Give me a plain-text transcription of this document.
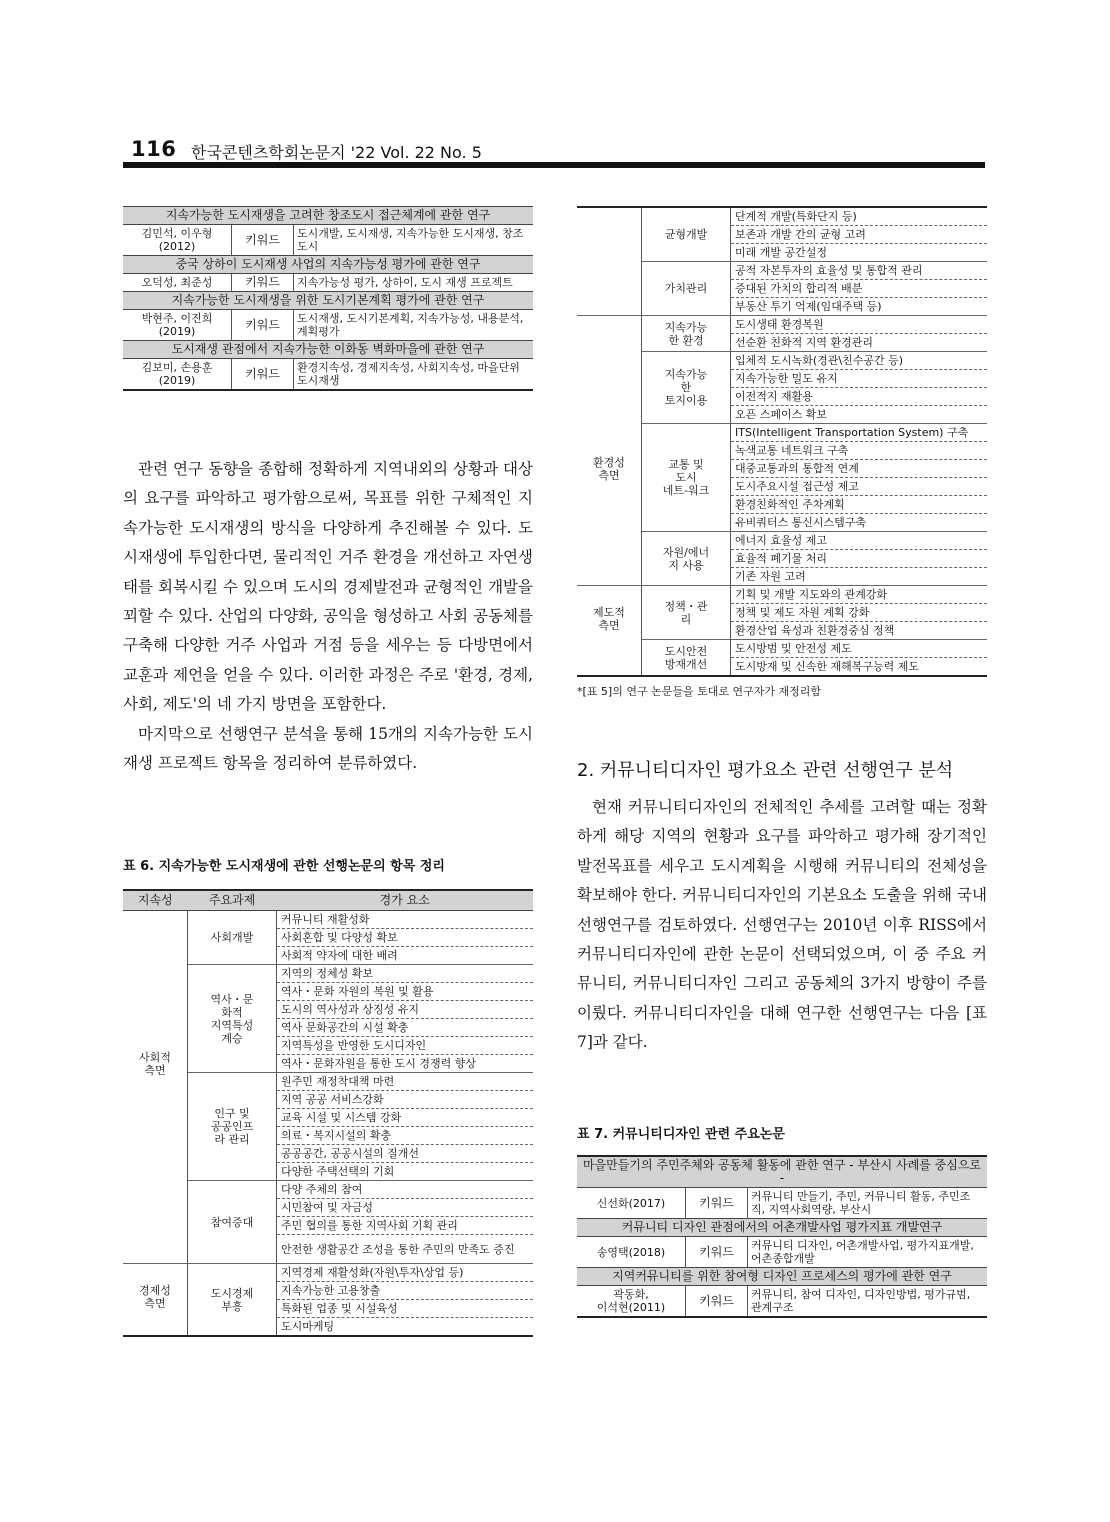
116 한국콘텐츠학회논문지 '22 Vol. 22 No. 5
지속가능한 도시재생을 고려한 창조도시 접근체계에 관한 연구		
김민석, 이우형
(2012)	키워드	도시개발, 도시재생, 지속가능한 도시재생, 창조도시
중국 상하이 도시재생 사업의 지속가능성 평가에 관한 연구		
오덕성, 최준성	키워드	지속가능성 평가, 상하이, 도시 재생 프로젝트
지속가능한 도시재생을 위한 도시기본계획 평가에 관한 연구		
박현주, 이진희
(2019)	키워드	도시재생, 도시기본계획, 지속가능성, 내용분석, 계획평가
도시재생 관점에서 지속가능한 이화동 벽화마을에 관한 연구		
김보미, 손용훈
(2019)	키워드	환경지속성, 경제지속성, 사회지속성, 마을단위 도시재생

관련 연구 동향을 종합해 정확하게 지역내외의 상황과 대상의 요구를 파악하고 평가함으로써, 목표를 위한 구체적인 지속가능한 도시재생의 방식을 다양하게 추진해볼 수 있다. 도시재생에 투입한다면, 물리적인 거주 환경을 개선하고 자연생태를 회복시킬 수 있으며 도시의 경제발전과 균형적인 개발을 꾀할 수 있다. 산업의 다양화, 공익을 형성하고 사회 공동체를 구축해 다양한 거주 사업과 거점 등을 세우는 등 다방면에서 교훈과 제언을 얻을 수 있다. 이러한 과정은 주로 '환경, 경제, 사회, 제도'의 네 가지 방면을 포함한다.

마지막으로 선행연구 분석을 통해 15개의 지속가능한 도시재생 프로젝트 항목을 정리하여 분류하였다.

표 6. 지속가능한 도시재생에 관한 선행논문의 항목 정리
지속성	주요과제	경가 요소
사회적
측면	사회개발	커뮤니티 재활성화
		사회혼합 및 다양성 확보
		사회적 약자에 대한 배려
	역사・문
화적
지역특성
계승	지역의 정체성 확보
		역사・문화 자원의 복원 및 활용
		도시의 역사성과 상징성 유지
		역사 문화공간의 시설 확충
		지역특성을 반영한 도시디자인
		역사・문화자원을 통한 도시 경쟁력 향상
	인구 및
공공인프
라 관리	원주민 재정착대책 마련
		지역 공공 서비스강화
		교육 시설 및 시스템 강화
		의료・복지시설의 확충
		공공공간, 공공시설의 질개선
		다양한 주택선택의 기회
	참여증대	다양 주체의 참여
		시민참여 및 자금성
		주민 협의를 통한 지역사회 기획 관리
		안전한 생활공간 조성을 통한 주민의 만족도 증진
경제성
측면	도시경제
부흥	지역경제 재활성화(자원\투자\상업 등)
		지속가능한 고용창출
		특화된 업종 및 시설육성
		도시마케팅
	균형개발	단계적 개발(특화단지 등)
		보존과 개발 간의 균형 고려
		미래 개발 공간설정
	가치관리	공적 자본투자의 효율성 및 통합적 관리
		증대된 가치의 합리적 배분
		부동산 투기 억제(임대주택 등)
환경성
측면	지속가능
한 환경	도시생태 환경복원
		선순환 친화적 지역 환경관리
	지속가능
한
토지이용	입체적 도시녹화(경관\친수공간 등)
		지속가능한 밀도 유지
		이전적지 재활용
		오픈 스페이스 확보
	교통 및
도시
네트-워크	ITS(Intelligent Transportation System) 구축
		녹색교통 네트워크 구축
		대중교통과의 통합적 연계
		도시주요시설 접근성 제고
		환경친화적인 주차계획
		유비쿼터스 통신시스템구축
	자원/에너
지 사용	에너지 효율성 제고
		효율적 폐기물 처리
		기존 자원 고려
제도적
측면	정책・관
리	기획 및 개발 지도와의 관계강화
		정책 및 제도 자원 계획 강화
		환경산업 육성과 친환경중심 정책
	도시안전
방재개선	도시방범 및 안전성 제도
		도시방재 및 신속한 재해복구능력 제도
*[표 5]의 연구 논문들을 토대로 연구자가 재정리함
2. 커뮤니티디자인 평가요소 관련 선행연구 분석

현재 커뮤니티디자인의 전체적인 추세를 고려할 때는 정확하게 해당 지역의 현황과 요구를 파악하고 평가해 장기적인 발전목표를 세우고 도시계획을 시행해 커뮤니티의 전체성을 확보해야 한다. 커뮤니티디자인의 기본요소 도출을 위해 국내 선행연구를 검토하였다. 선행연구는 2010년 이후 RISS에서 커뮤니티디자인에 관한 논문이 선택되었으며, 이 중 주요 커뮤니티, 커뮤니티디자인 그리고 공동체의 3가지 방향이 주를 이뤘다. 커뮤니티디자인을 대해 연구한 선행연구는 다음 [표 7]과 같다.

표 7. 커뮤니티디자인 관련 주요논문
마을만들기의 주민주체와 공동체 활동에 관한 연구 - 부산시 사례를 중심으로 -		
신선화(2017)	키워드	커뮤니티 만들기, 주민, 커뮤니티 활동, 주민조직, 지역사회역량, 부산시
커뮤니티 디자인 관점에서의 어촌개발사업 평가지표 개발연구		
송영택(2018)	키워드	커뮤니티 디자인, 어촌개발사업, 평가지표개발, 어촌종합개발
지역커뮤니티를 위한 참여형 디자인 프로세스의 평가에 관한 연구		
곽동화,
이석현(2011)	키워드	커뮤니티, 참여 디자인, 디자인방법, 평가규범, 관계구조
